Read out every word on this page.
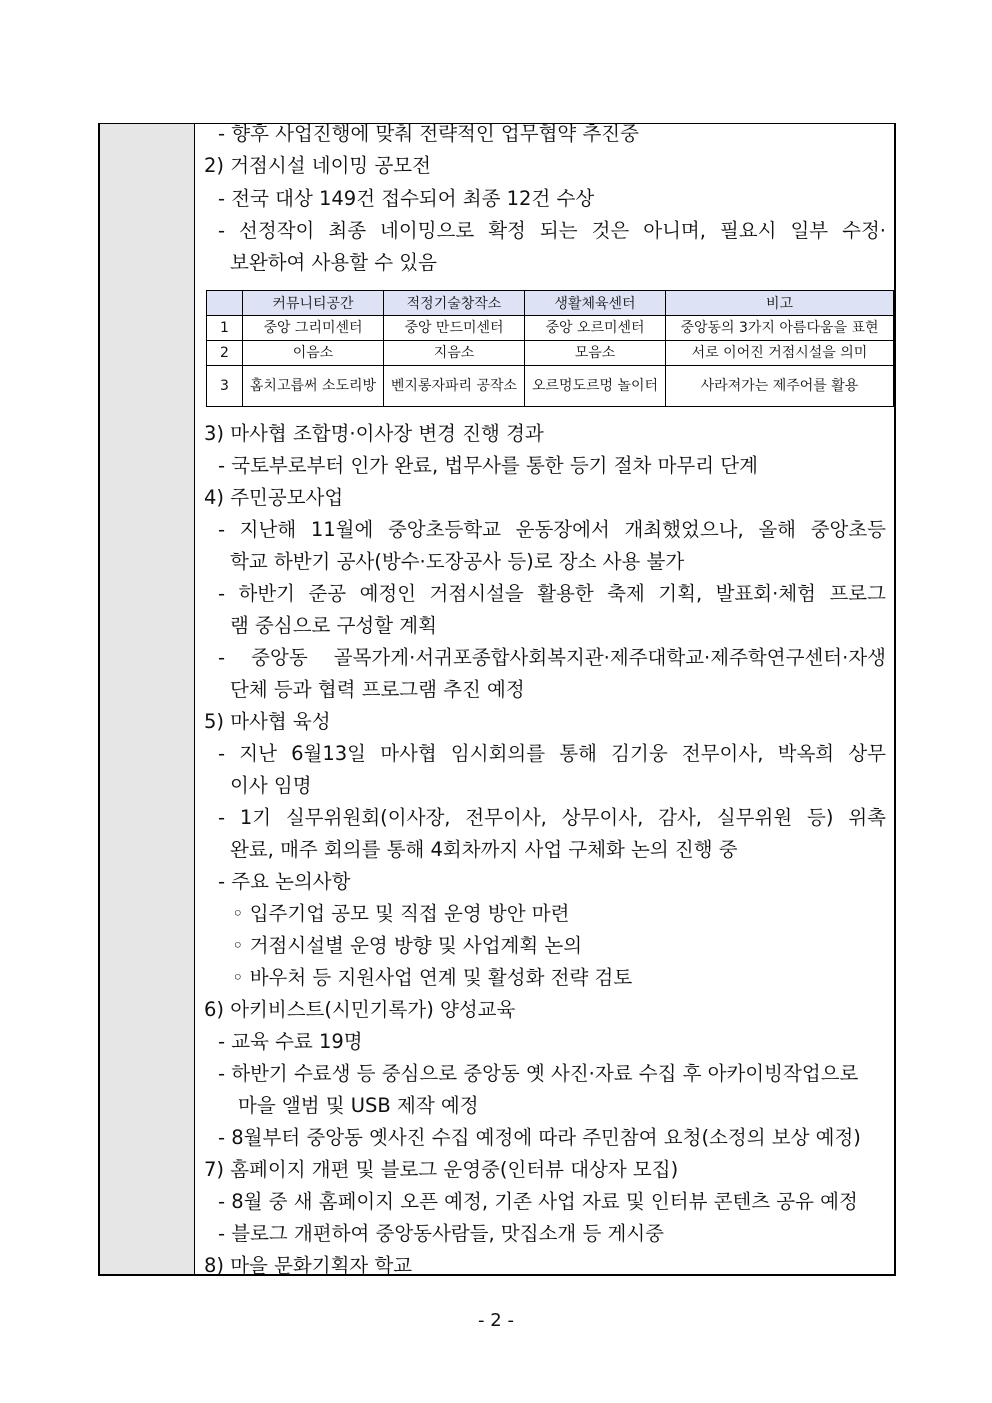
- 향후 사업진행에 맞춰 전략적인 업무협약 추진중
2) 거점시설 네이밍 공모전
- 전국 대상 149건 접수되어 최종 12건 수상
- 선정작이 최종 네이밍으로 확정 되는 것은 아니며, 필요시 일부 수정·
보완하여 사용할 수 있음
	커뮤니티공간	적정기술창작소	생활체육센터	비고
1	중앙 그리미센터	중앙 만드미센터	중앙 오르미센터	중앙동의 3가지 아름다움을 표현
2	이음소	지음소	모음소	서로 이어진 거점시설을 의미
3	홈치고릅써 소도리방	벤지롱자파리 공작소	오르멍도르멍 놀이터	사라져가는 제주어를 활용
3) 마사협 조합명·이사장 변경 진행 경과
- 국토부로부터 인가 완료, 법무사를 통한 등기 절차 마무리 단계
4) 주민공모사업
- 지난해 11월에 중앙초등학교 운동장에서 개최했었으나, 올해 중앙초등
학교 하반기 공사(방수·도장공사 등)로 장소 사용 불가
- 하반기 준공 예정인 거점시설을 활용한 축제 기획, 발표회·체험 프로그
램 중심으로 구성할 계획
- 중앙동 골목가게·서귀포종합사회복지관·제주대학교·제주학연구센터·자생
단체 등과 협력 프로그램 추진 예정
5) 마사협 육성
- 지난 6월13일 마사협 임시회의를 통해 김기웅 전무이사, 박옥희 상무
이사 임명
- 1기 실무위원회(이사장, 전무이사, 상무이사, 감사, 실무위원 등) 위촉
완료, 매주 회의를 통해 4회차까지 사업 구체화 논의 진행 중
- 주요 논의사항
◦ 입주기업 공모 및 직접 운영 방안 마련
◦ 거점시설별 운영 방향 및 사업계획 논의
◦ 바우처 등 지원사업 연계 및 활성화 전략 검토
6) 아키비스트(시민기록가) 양성교육
- 교육 수료 19명
- 하반기 수료생 등 중심으로 중앙동 옛 사진·자료 수집 후 아카이빙작업으로
마을 앨범 및 USB 제작 예정
- 8월부터 중앙동 옛사진 수집 예정에 따라 주민참여 요청(소정의 보상 예정)
7) 홈페이지 개편 및 블로그 운영중(인터뷰 대상자 모집)
- 8월 중 새 홈페이지 오픈 예정, 기존 사업 자료 및 인터뷰 콘텐츠 공유 예정
- 블로그 개편하여 중앙동사람들, 맛집소개 등 게시중
8) 마을 문화기획자 학교
- 2 -
